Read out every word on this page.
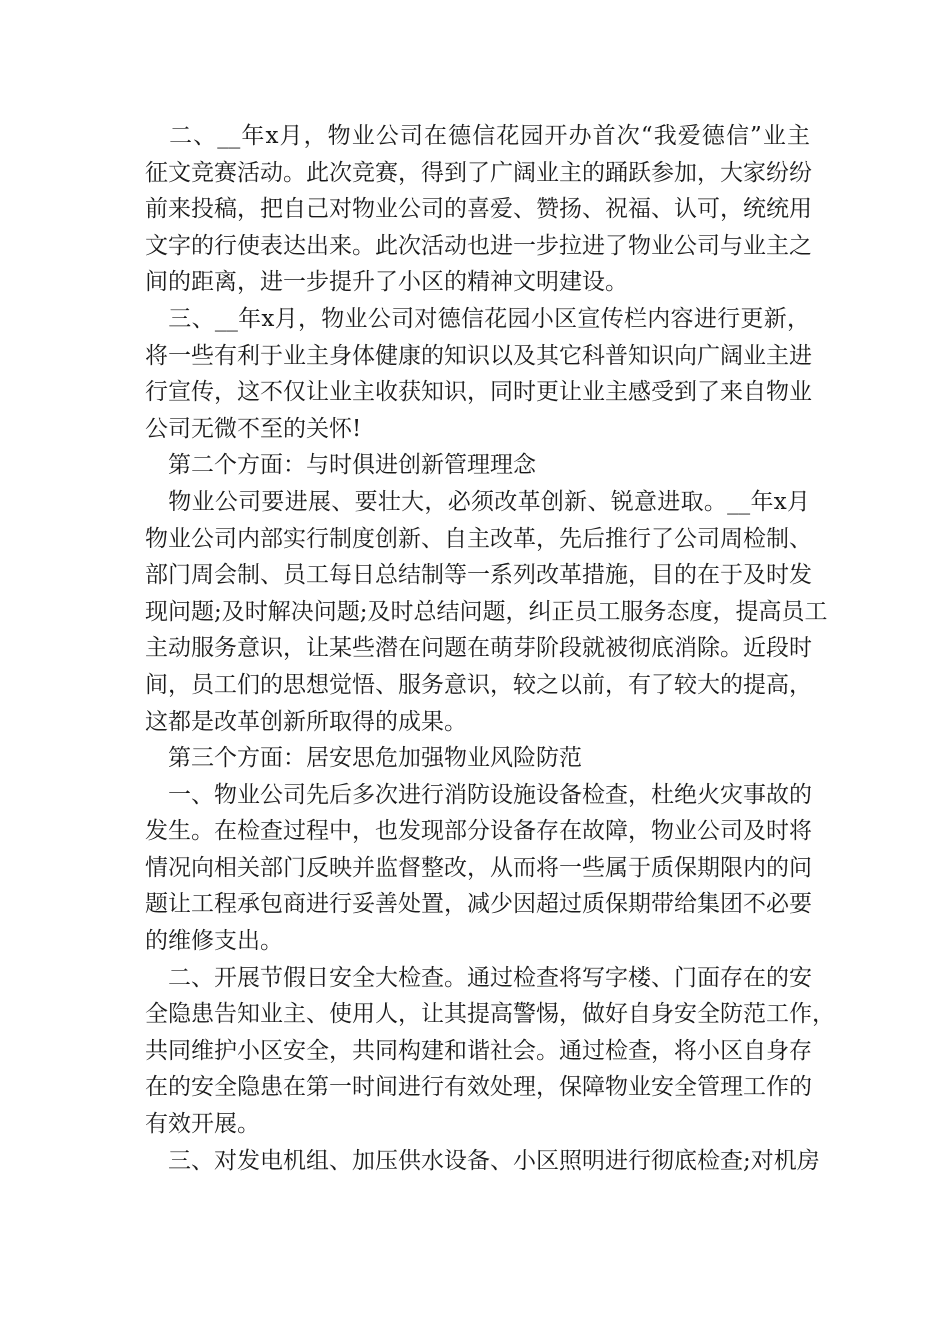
　二、__年x月，物业公司在德信花园开办首次“我爱德信”业主
征文竞赛活动。此次竞赛，得到了广阔业主的踊跃参加，大家纷纷
前来投稿，把自己对物业公司的喜爱、赞扬、祝福、认可，统统用
文字的行使表达出来。此次活动也进一步拉进了物业公司与业主之
间的距离，进一步提升了小区的精神文明建设。
　三、__年x月，物业公司对德信花园小区宣传栏内容进行更新，
将一些有利于业主身体健康的知识以及其它科普知识向广阔业主进
行宣传，这不仅让业主收获知识，同时更让业主感受到了来自物业
公司无微不至的关怀!
　第二个方面：与时俱进创新管理理念
　物业公司要进展、要壮大，必须改革创新、锐意进取。__年x月
物业公司内部实行制度创新、自主改革，先后推行了公司周检制、
部门周会制、员工每日总结制等一系列改革措施，目的在于及时发
现问题;及时解决问题;及时总结问题，纠正员工服务态度，提高员工
主动服务意识，让某些潜在问题在萌芽阶段就被彻底消除。近段时
间，员工们的思想觉悟、服务意识，较之以前，有了较大的提高，
这都是改革创新所取得的成果。
　第三个方面：居安思危加强物业风险防范
　一、物业公司先后多次进行消防设施设备检查，杜绝火灾事故的
发生。在检查过程中，也发现部分设备存在故障，物业公司及时将
情况向相关部门反映并监督整改，从而将一些属于质保期限内的问
题让工程承包商进行妥善处置，减少因超过质保期带给集团不必要
的维修支出。
　二、开展节假日安全大检查。通过检查将写字楼、门面存在的安
全隐患告知业主、使用人，让其提高警惕，做好自身安全防范工作，
共同维护小区安全，共同构建和谐社会。通过检查，将小区自身存
在的安全隐患在第一时间进行有效处理，保障物业安全管理工作的
有效开展。
　三、对发电机组、加压供水设备、小区照明进行彻底检查;对机房
